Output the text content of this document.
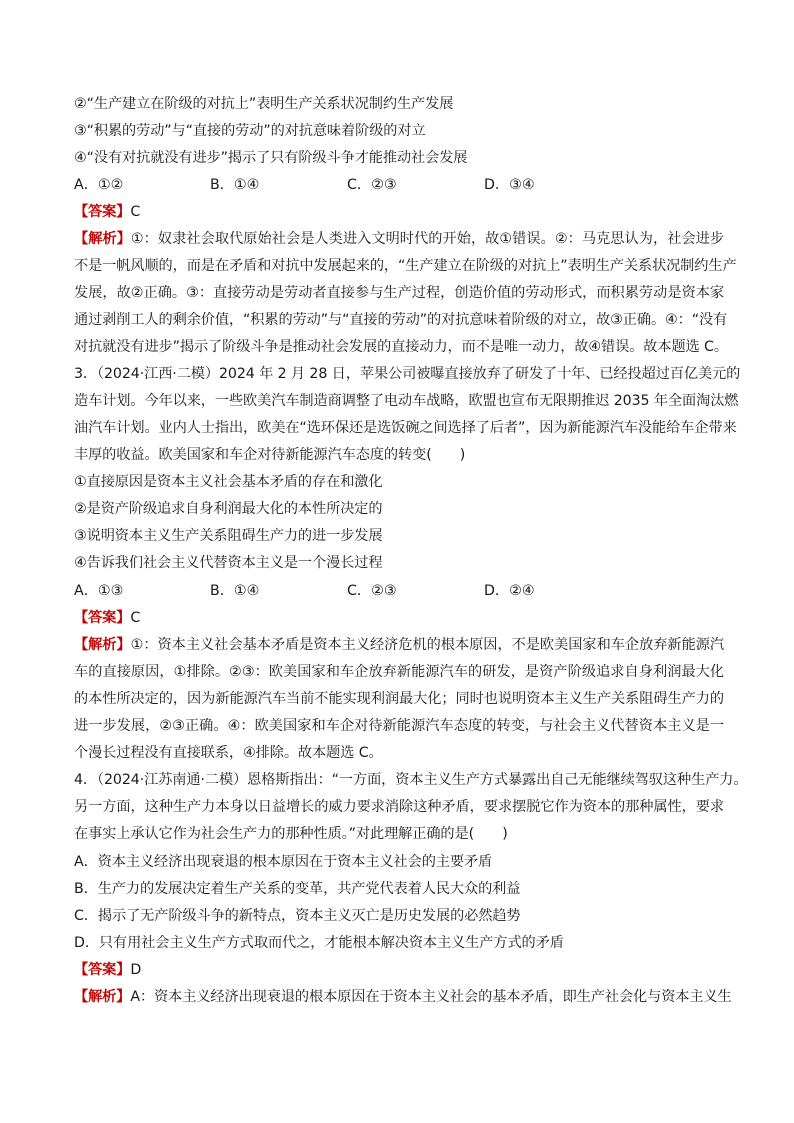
②“生产建立在阶级的对抗上”表明生产关系状况制约生产发展
③“积累的劳动”与“直接的劳动”的对抗意味着阶级的对立
④“没有对抗就没有进步”揭示了只有阶级斗争才能推动社会发展
A．①②	B．①④	C．②③	D．③④
【答案】C
【解析】①：奴隶社会取代原始社会是人类进入文明时代的开始，故①错误。②：马克思认为，社会进步
不是一帆风顺的，而是在矛盾和对抗中发展起来的，“生产建立在阶级的对抗上”表明生产关系状况制约生产
发展，故②正确。③：直接劳动是劳动者直接参与生产过程，创造价值的劳动形式，而积累劳动是资本家
通过剥削工人的剩余价值，“积累的劳动”与“直接的劳动”的对抗意味着阶级的对立，故③正确。④：“没有
对抗就没有进步”揭示了阶级斗争是推动社会发展的直接动力，而不是唯一动力，故④错误。故本题选 C。
3．（2024·江西·二模）2024 年 2 月 28 日，苹果公司被曝直接放弃了研发了十年、已经投超过百亿美元的
造车计划。今年以来，一些欧美汽车制造商调整了电动车战略，欧盟也宣布无限期推迟 2035 年全面淘汰燃
油汽车计划。业内人士指出，欧美在“选环保还是选饭碗之间选择了后者”，因为新能源汽车没能给车企带来
丰厚的收益。欧美国家和车企对待新能源汽车态度的转变(　　)
①直接原因是资本主义社会基本矛盾的存在和激化
②是资产阶级追求自身利润最大化的本性所决定的
③说明资本主义生产关系阻碍生产力的进一步发展
④告诉我们社会主义代替资本主义是一个漫长过程
A．①③	B．①④	C．②③	D．②④
【答案】C
【解析】①：资本主义社会基本矛盾是资本主义经济危机的根本原因，不是欧美国家和车企放弃新能源汽
车的直接原因，①排除。②③：欧美国家和车企放弃新能源汽车的研发，是资产阶级追求自身利润最大化
的本性所决定的，因为新能源汽车当前不能实现利润最大化；同时也说明资本主义生产关系阻碍生产力的
进一步发展，②③正确。④：欧美国家和车企对待新能源汽车态度的转变，与社会主义代替资本主义是一
个漫长过程没有直接联系，④排除。故本题选 C。
4．（2024·江苏南通·二模）恩格斯指出：“一方面，资本主义生产方式暴露出自己无能继续驾驭这种生产力。
另一方面，这种生产力本身以日益增长的威力要求消除这种矛盾，要求摆脱它作为资本的那种属性，要求
在事实上承认它作为社会生产力的那种性质。”对此理解正确的是(　　)
A．资本主义经济出现衰退的根本原因在于资本主义社会的主要矛盾
B．生产力的发展决定着生产关系的变革，共产党代表着人民大众的利益
C．揭示了无产阶级斗争的新特点，资本主义灭亡是历史发展的必然趋势
D．只有用社会主义生产方式取而代之，才能根本解决资本主义生产方式的矛盾
【答案】D
【解析】A：资本主义经济出现衰退的根本原因在于资本主义社会的基本矛盾，即生产社会化与资本主义生
